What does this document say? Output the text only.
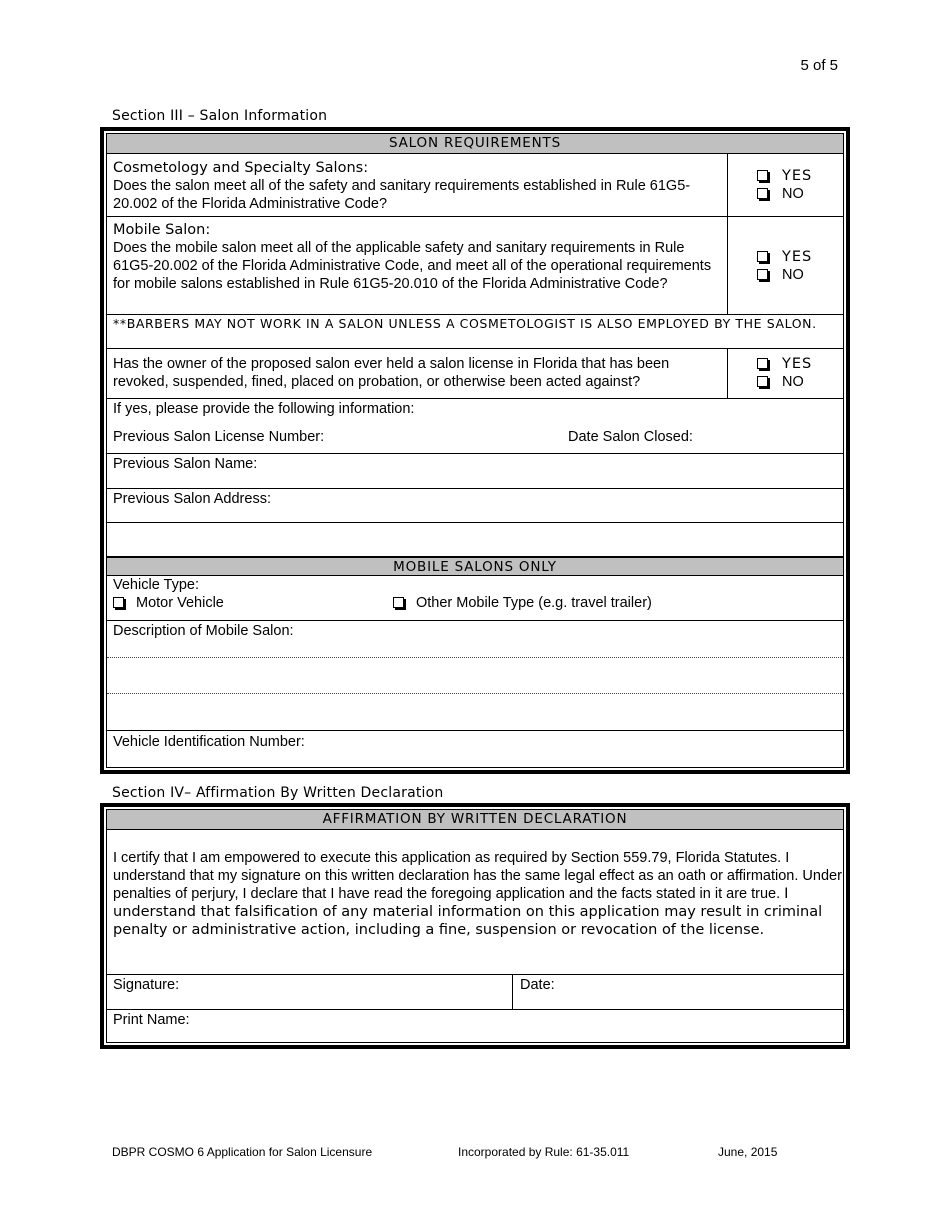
5 of 5
Section III – Salon Information
SALON REQUIREMENTS
Cosmetology and Specialty Salons:
Does the salon meet all of the safety and sanitary requirements established in Rule 61G5-20.002 of the Florida Administrative Code?
YES
NO
Mobile Salon:
Does the mobile salon meet all of the applicable safety and sanitary requirements in Rule 61G5-20.002 of the Florida Administrative Code, and meet all of the operational requirements for mobile salons established in Rule 61G5-20.010 of the Florida Administrative Code?
YES
NO
**BARBERS MAY NOT WORK IN A SALON UNLESS A COSMETOLOGIST IS ALSO EMPLOYED BY THE SALON.
Has the owner of the proposed salon ever held a salon license in Florida that has been revoked, suspended, fined, placed on probation, or otherwise been acted against?
YES
NO
If yes, please provide the following information:
Previous Salon License Number:	Date Salon Closed:
Previous Salon Name:
Previous Salon Address:
MOBILE SALONS ONLY
Vehicle Type:
Motor Vehicle	Other Mobile Type (e.g. travel trailer)
Description of Mobile Salon:
Vehicle Identification Number:
Section IV– Affirmation By Written Declaration
AFFIRMATION BY WRITTEN DECLARATION
I certify that I am empowered to execute this application as required by Section 559.79, Florida Statutes. I understand that my signature on this written declaration has the same legal effect as an oath or affirmation. Under penalties of perjury, I declare that I have read the foregoing application and the facts stated in it are true. I understand that falsification of any material information on this application may result in criminal penalty or administrative action, including a fine, suspension or revocation of the license.
Signature:	Date:
Print Name:
DBPR COSMO 6 Application for Salon Licensure	Incorporated by Rule: 61-35.011	June, 2015
